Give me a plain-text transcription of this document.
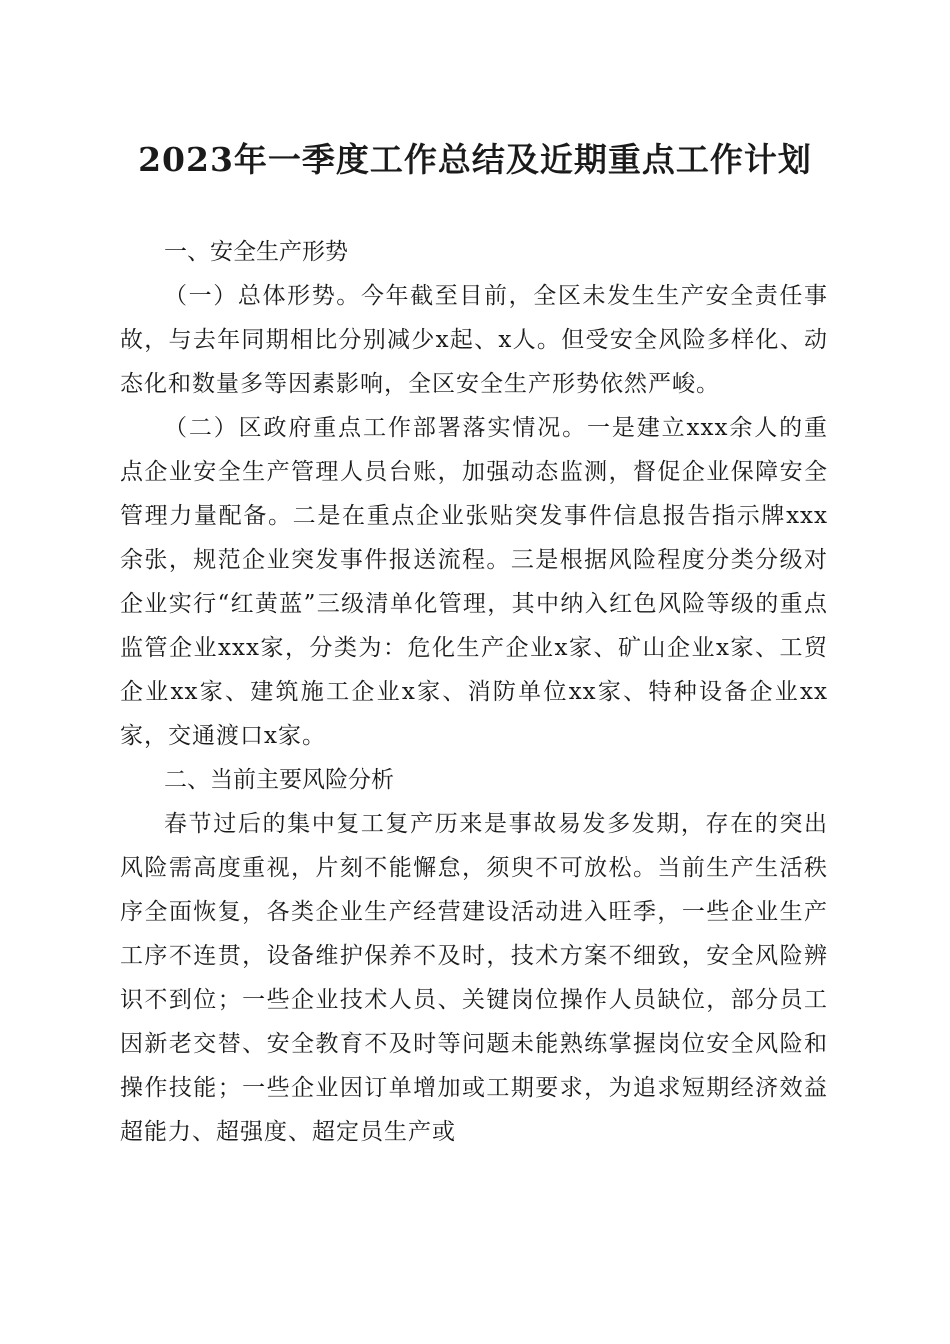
2023年一季度工作总结及近期重点工作计划

一、安全生产形势

（一）总体形势。今年截至目前，全区未发生生产安全责任事故，与去年同期相比分别减少x起、x人。但受安全风险多样化、动态化和数量多等因素影响，全区安全生产形势依然严峻。

（二）区政府重点工作部署落实情况。一是建立xxx余人的重点企业安全生产管理人员台账，加强动态监测，督促企业保障安全管理力量配备。二是在重点企业张贴突发事件信息报告指示牌xxx余张，规范企业突发事件报送流程。三是根据风险程度分类分级对企业实行“红黄蓝”三级清单化管理，其中纳入红色风险等级的重点监管企业xxx家，分类为：危化生产企业x家、矿山企业x家、工贸企业xx家、建筑施工企业x家、消防单位xx家、特种设备企业xx家，交通渡口x家。

二、当前主要风险分析

春节过后的集中复工复产历来是事故易发多发期，存在的突出风险需高度重视，片刻不能懈怠，须臾不可放松。当前生产生活秩序全面恢复，各类企业生产经营建设活动进入旺季，一些企业生产工序不连贯，设备维护保养不及时，技术方案不细致，安全风险辨识不到位；一些企业技术人员、关键岗位操作人员缺位，部分员工因新老交替、安全教育不及时等问题未能熟练掌握岗位安全风险和操作技能；一些企业因订单增加或工期要求，为追求短期经济效益超能力、超强度、超定员生产或
